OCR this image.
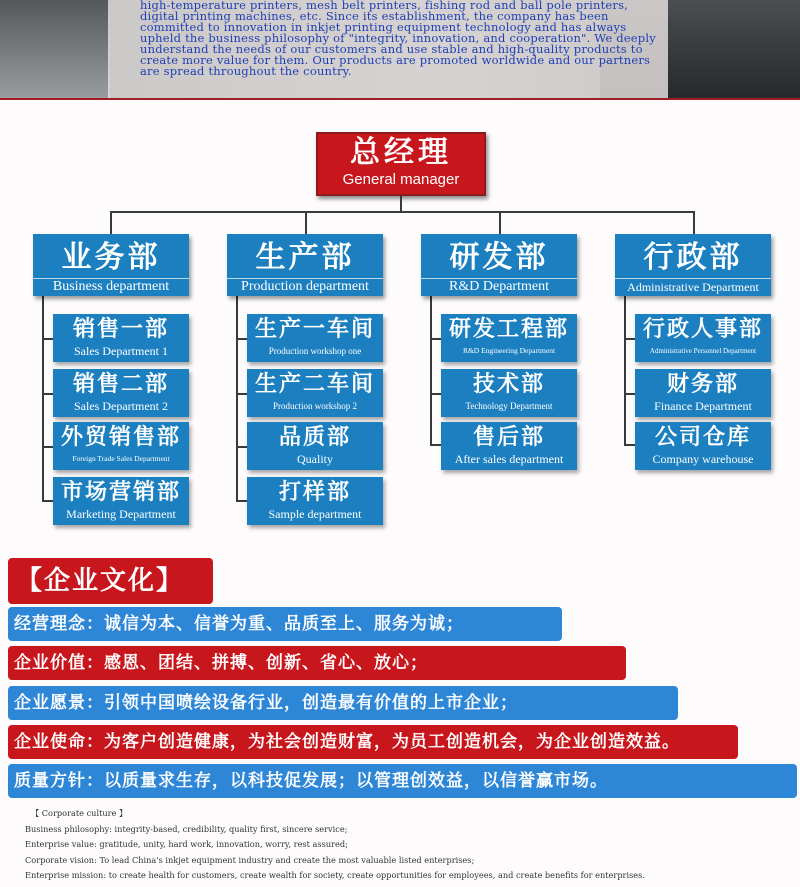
high-temperature printers, mesh belt printers, fishing rod and ball pole printers,
digital printing machines, etc. Since its establishment, the company has been
committed to innovation in inkjet printing equipment technology and has always
upheld the business philosophy of "integrity, innovation, and cooperation". We deeply
understand the needs of our customers and use stable and high-quality products to
create more value for them. Our products are promoted worldwide and our partners
are spread throughout the country.

总经理
General manager
业务部
Business department
生产部
Production department
研发部
R&D Department
行政部
Administrative Department
销售一部
Sales Department 1
销售二部
Sales Department 2
外贸销售部
Foreign Trade Sales Department
市场营销部
Marketing Department
生产一车间
Production workshop one
生产二车间
Production workshop 2
品质部
Quality
打样部
Sample department
研发工程部
R&D Engineering Department
技术部
Technology Department
售后部
After sales department
行政人事部
Administrative Personnel Department
财务部
Finance Department
公司仓库
Company warehouse
【企业文化】
经营理念：诚信为本、信誉为重、品质至上、服务为诚；
企业价值：感恩、团结、拼搏、创新、省心、放心；
企业愿景：引领中国喷绘设备行业，创造最有价值的上市企业；
企业使命：为客户创造健康，为社会创造财富，为员工创造机会，为企业创造效益。
质量方针：以质量求生存，以科技促发展；以管理创效益，以信誉赢市场。
【 Corporate culture 】
Business philosophy: integrity-based, credibility, quality first, sincere service;
Enterprise value: gratitude, unity, hard work, innovation, worry, rest assured;
Corporate vision: To lead China's inkjet equipment industry and create the most valuable listed enterprises;
Enterprise mission: to create health for customers, create wealth for society, create opportunities for employees, and create benefits for enterprises.
